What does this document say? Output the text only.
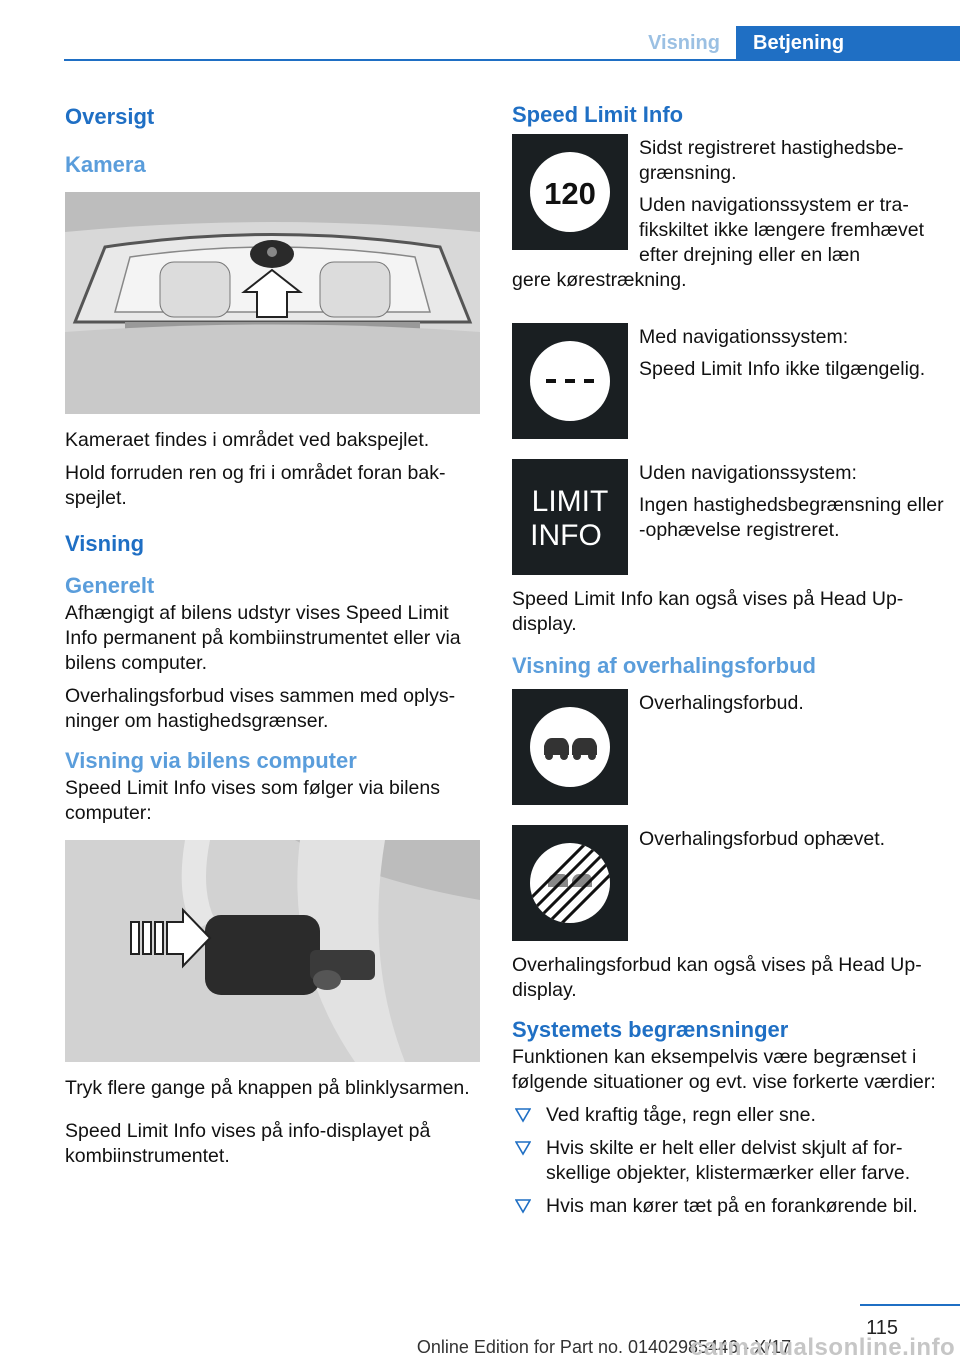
Visning	Betjening
Oversigt
Kamera
Kameraet findes i området ved bakspejlet.
Hold forruden ren og fri i området foran bakspejlet.
Visning
Generelt
Afhængigt af bilens udstyr vises Speed Limit Info permanent på kombiinstrumentet eller via bilens computer.
Overhalingsforbud vises sammen med oplysninger om hastighedsgrænser.
Visning via bilens computer
Speed Limit Info vises som følger via bilens computer:
Tryk flere gange på knappen på blinklysarmen.
Speed Limit Info vises på info-displayet på kombiinstrumentet.
Speed Limit Info
120
Sidst registreret hastighedsbegrænsning.
Uden navigationssystem er trafikskiltet ikke længere fremhævet efter drejning eller en læn
gere kørestrækning.
Med navigationssystem:
Speed Limit Info ikke tilgængelig.
LIMIT
INFO
Uden navigationssystem:
Ingen hastighedsbegrænsning eller -ophævelse registreret.
Speed Limit Info kan også vises på Head Up-display.
Visning af overhalingsforbud
Overhalingsforbud.
Overhalingsforbud ophævet.
Overhalingsforbud kan også vises på Head Up-display.
Systemets begrænsninger
Funktionen kan eksempelvis være begrænset i følgende situationer og evt. vise forkerte værdier:
Ved kraftig tåge, regn eller sne.
Hvis skilte er helt eller delvist skjult af forskellige objekter, klistermærker eller farve.
Hvis man kører tæt på en forankørende bil.
115
Online Edition for Part no. 01402985446 - X/17
carmanualsonline.info
